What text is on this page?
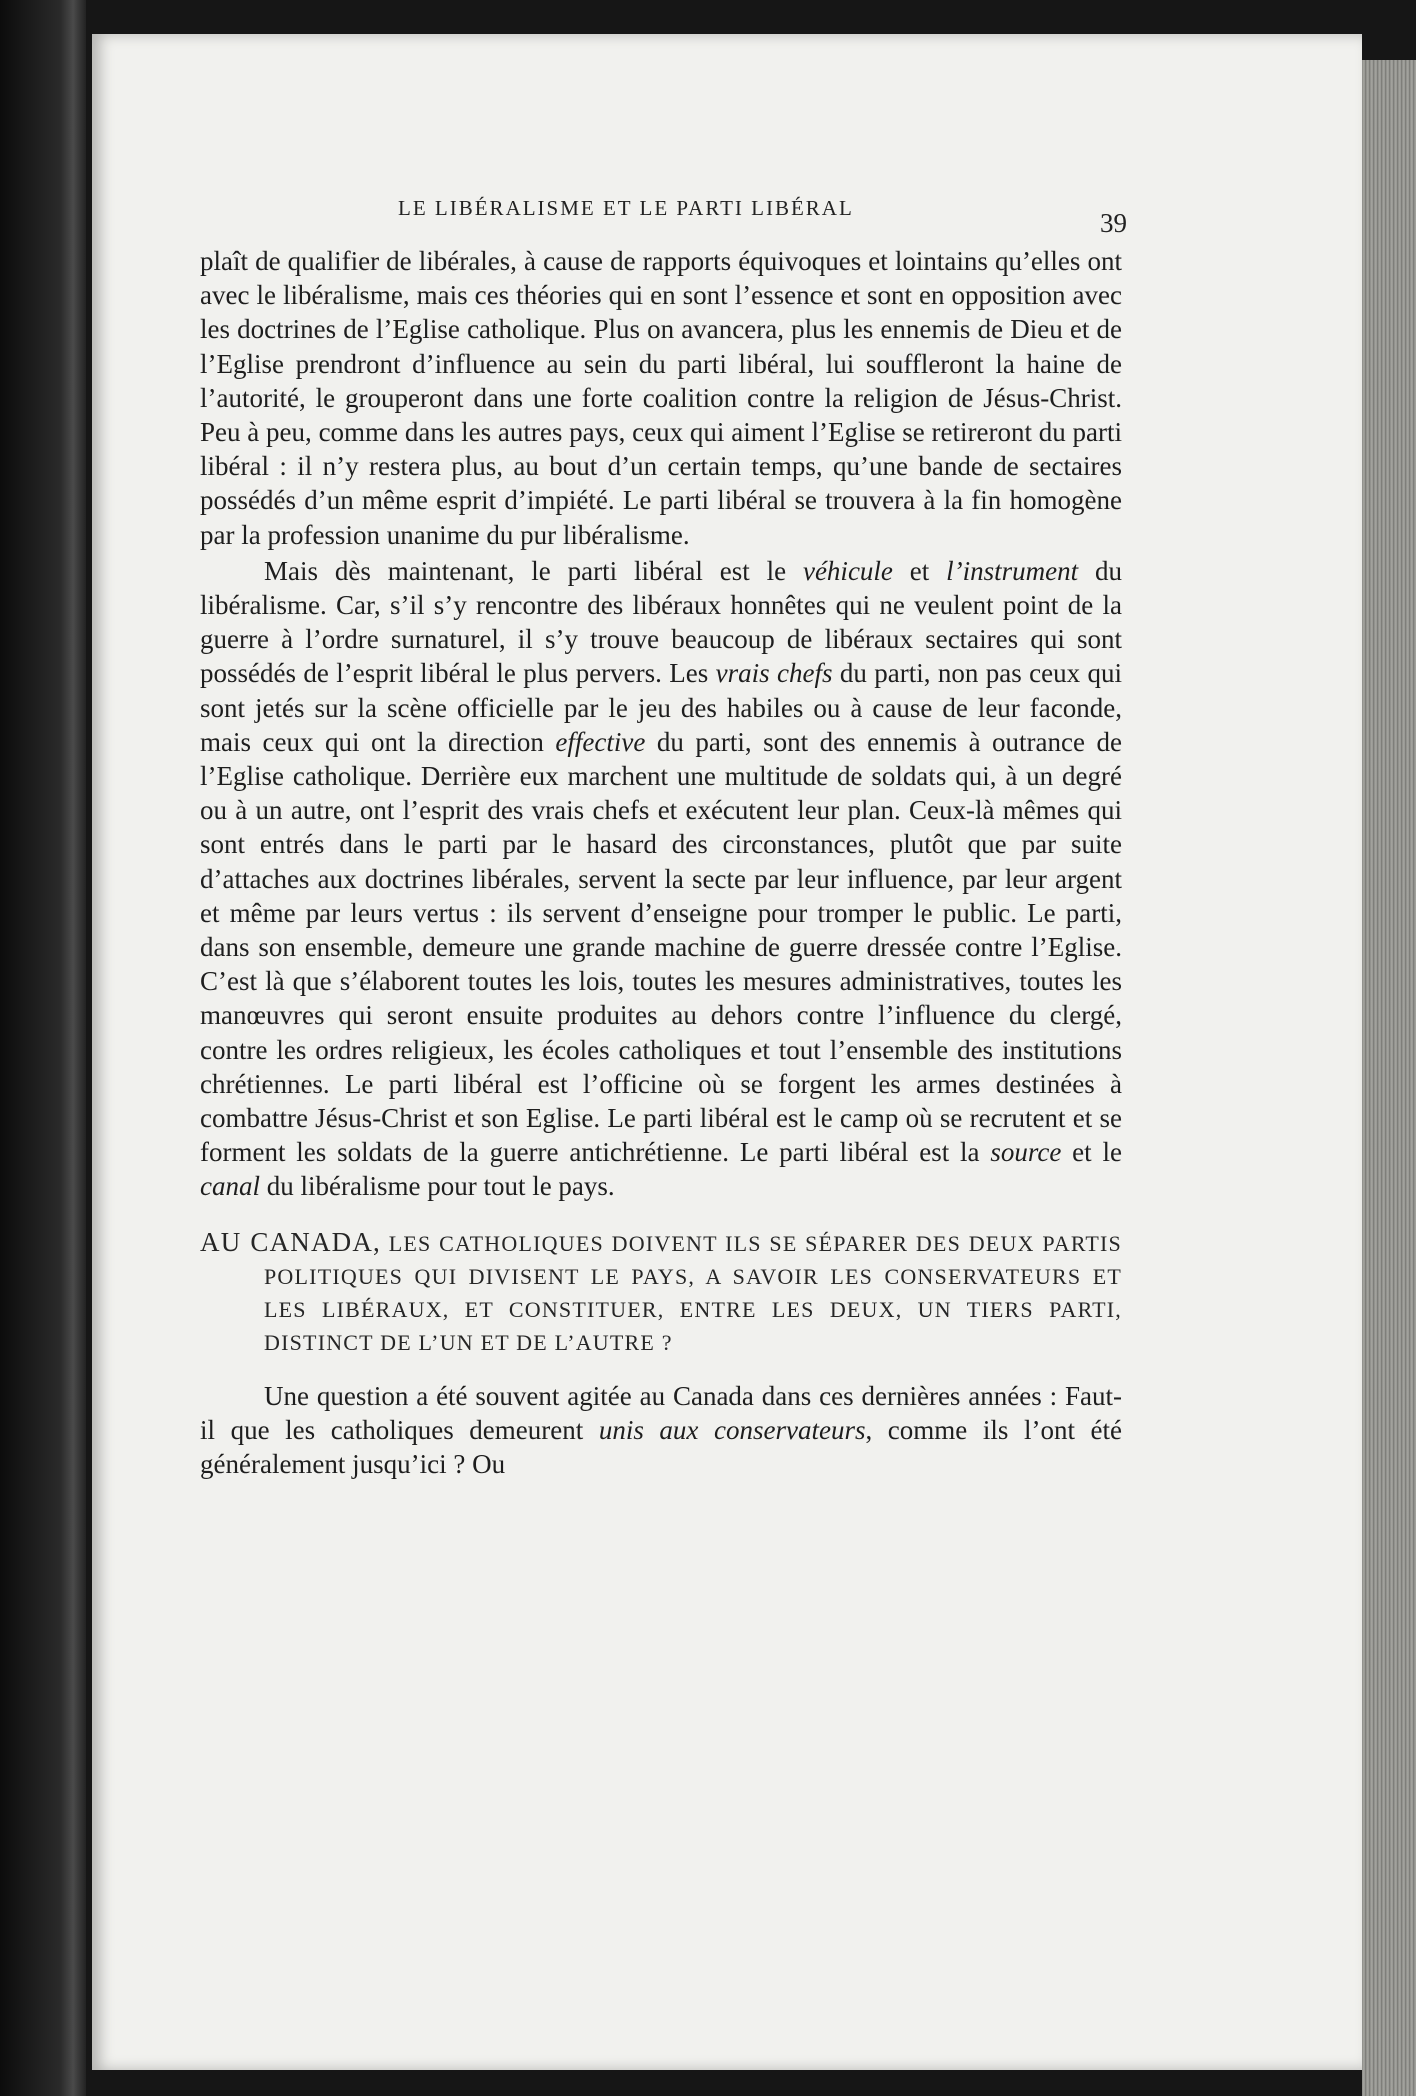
LE LIBÉRALISME ET LE PARTI LIBÉRAL	39

plaît de qualifier de libérales, à cause de rapports équivoques et lointains qu’elles ont avec le libéralisme, mais ces théories qui en sont l’essence et sont en opposition avec les doctrines de l’Eglise catholique. Plus on avancera, plus les ennemis de Dieu et de l’Eglise prendront d’influence au sein du parti libéral, lui souffleront la haine de l’autorité, le grouperont dans une forte coalition contre la religion de Jésus-Christ. Peu à peu, comme dans les autres pays, ceux qui aiment l’Eglise se retireront du parti libéral : il n’y restera plus, au bout d’un certain temps, qu’une bande de sectaires possédés d’un même esprit d’impiété. Le parti libéral se trouvera à la fin homogène par la profession unanime du pur libéralisme.

Mais dès maintenant, le parti libéral est le véhicule et l’instrument du libéralisme. Car, s’il s’y rencontre des libéraux honnêtes qui ne veulent point de la guerre à l’ordre surnaturel, il s’y trouve beaucoup de libéraux sectaires qui sont possédés de l’esprit libéral le plus pervers. Les vrais chefs du parti, non pas ceux qui sont jetés sur la scène officielle par le jeu des habiles ou à cause de leur faconde, mais ceux qui ont la direction effective du parti, sont des ennemis à outrance de l’Eglise catholique. Derrière eux marchent une multitude de soldats qui, à un degré ou à un autre, ont l’esprit des vrais chefs et exécutent leur plan. Ceux-là mêmes qui sont entrés dans le parti par le hasard des circonstances, plutôt que par suite d’attaches aux doctrines libérales, servent la secte par leur influence, par leur argent et même par leurs vertus : ils servent d’enseigne pour tromper le public. Le parti, dans son ensemble, demeure une grande machine de guerre dressée contre l’Eglise. C’est là que s’élaborent toutes les lois, toutes les mesures administratives, toutes les manœuvres qui seront ensuite produites au dehors contre l’influence du clergé, contre les ordres religieux, les écoles catholiques et tout l’ensemble des institutions chrétiennes. Le parti libéral est l’officine où se forgent les armes destinées à combattre Jésus-Christ et son Eglise. Le parti libéral est le camp où se recrutent et se forment les soldats de la guerre antichrétienne. Le parti libéral est la source et le canal du libéralisme pour tout le pays.

AU CANADA, LES CATHOLIQUES DOIVENT ILS SE SÉPARER DES DEUX PARTIS POLITIQUES QUI DIVISENT LE PAYS, A SAVOIR LES CONSERVATEURS ET LES LIBÉRAUX, ET CONSTITUER, ENTRE LES DEUX, UN TIERS PARTI, DISTINCT DE L’UN ET DE L’AUTRE ?

Une question a été souvent agitée au Canada dans ces dernières années : Faut-il que les catholiques demeurent unis aux conservateurs, comme ils l’ont été généralement jusqu’ici ? Ou
